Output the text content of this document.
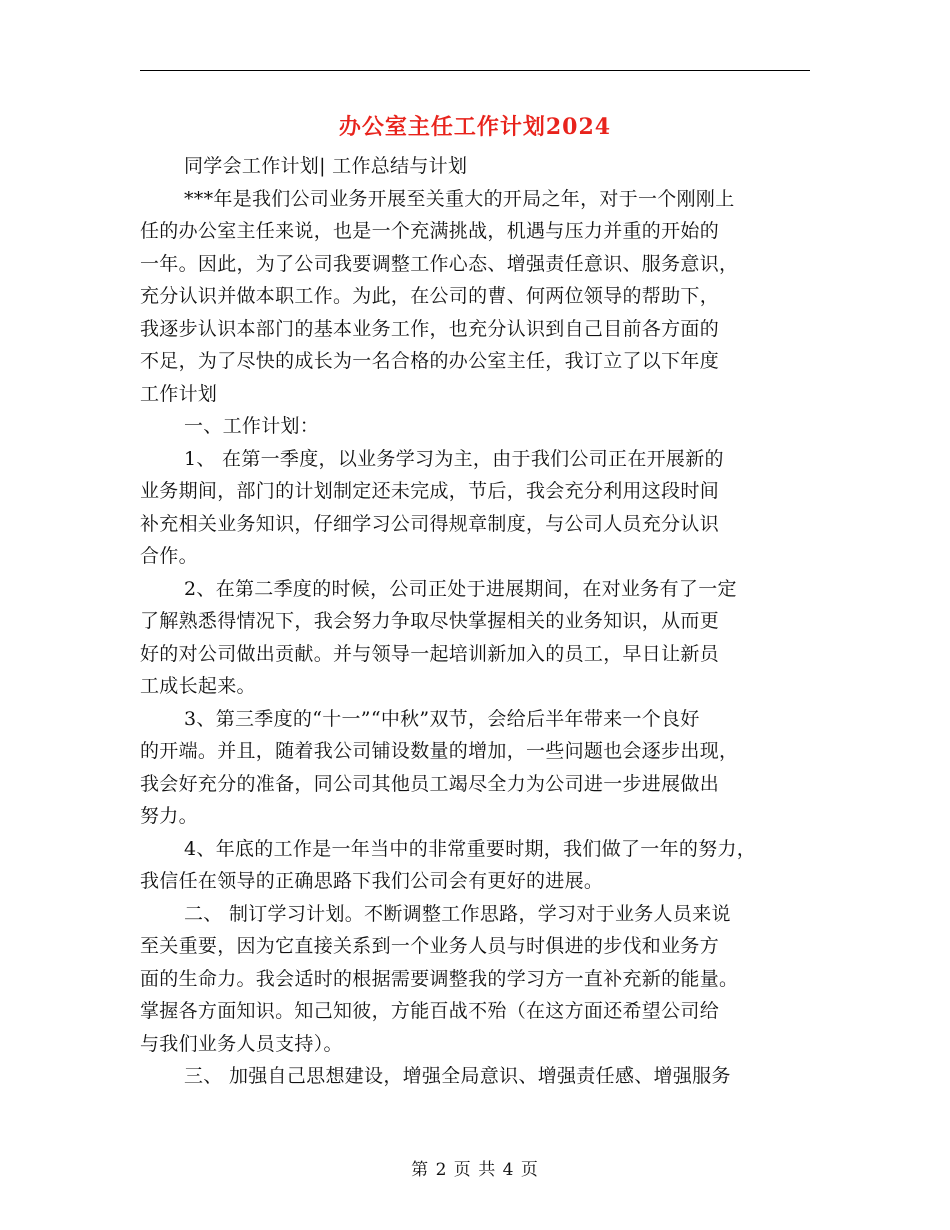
办公室主任工作计划2024
同学会工作计划| 工作总结与计划
***年是我们公司业务开展至关重大的开局之年，对于一个刚刚上
任的办公室主任来说，也是一个充满挑战，机遇与压力并重的开始的
一年。因此，为了公司我要调整工作心态、增强责任意识、服务意识，
充分认识并做本职工作。为此，在公司的曹、何两位领导的帮助下，
我逐步认识本部门的基本业务工作，也充分认识到自己目前各方面的
不足，为了尽快的成长为一名合格的办公室主任，我订立了以下年度
工作计划
一、工作计划：
1、 在第一季度，以业务学习为主，由于我们公司正在开展新的
业务期间，部门的计划制定还未完成，节后，我会充分利用这段时间
补充相关业务知识，仔细学习公司得规章制度，与公司人员充分认识
合作。
2、在第二季度的时候，公司正处于进展期间，在对业务有了一定
了解熟悉得情况下，我会努力争取尽快掌握相关的业务知识，从而更
好的对公司做出贡献。并与领导一起培训新加入的员工，早日让新员
工成长起来。
3、第三季度的“十一”“中秋”双节，会给后半年带来一个良好
的开端。并且，随着我公司铺设数量的增加，一些问题也会逐步出现，
我会好充分的准备，同公司其他员工竭尽全力为公司进一步进展做出
努力。
4、年底的工作是一年当中的非常重要时期，我们做了一年的努力，
我信任在领导的正确思路下我们公司会有更好的进展。
二、 制订学习计划。不断调整工作思路，学习对于业务人员来说
至关重要，因为它直接关系到一个业务人员与时俱进的步伐和业务方
面的生命力。我会适时的根据需要调整我的学习方一直补充新的能量。
掌握各方面知识。知己知彼，方能百战不殆（在这方面还希望公司给
与我们业务人员支持）。
三、 加强自己思想建设，增强全局意识、增强责任感、增强服务
第 2 页 共 4 页
